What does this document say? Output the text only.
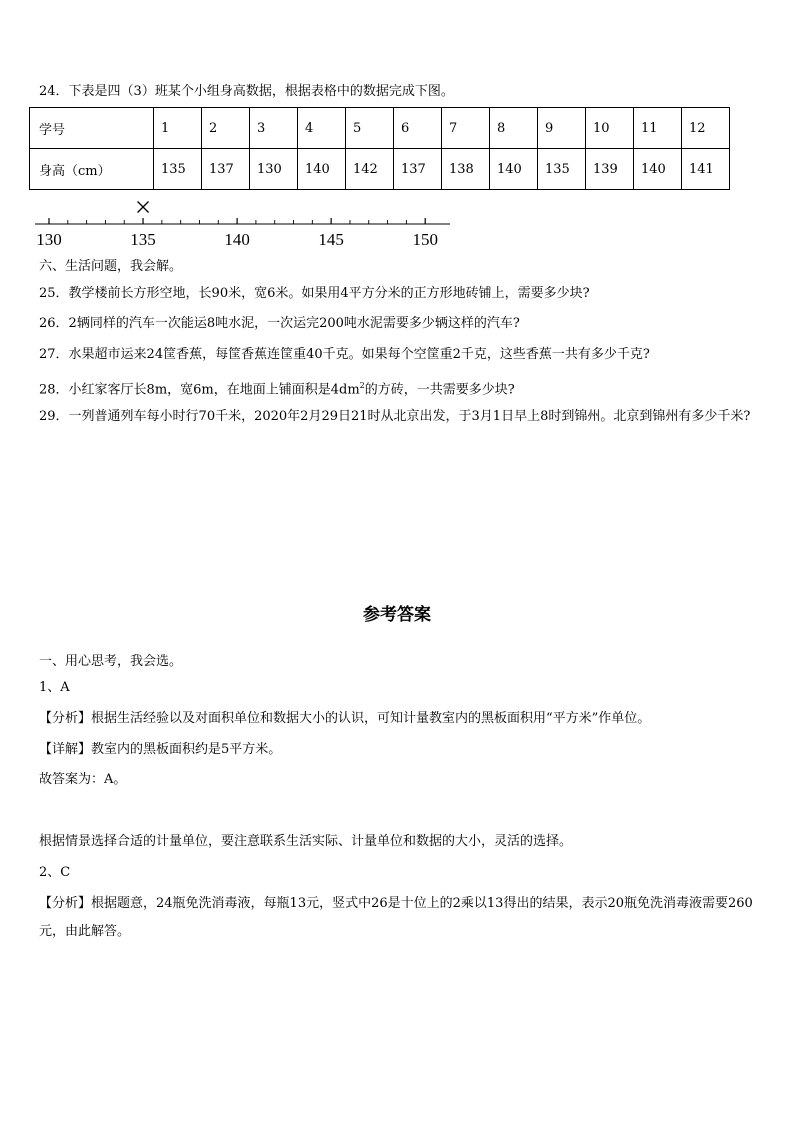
24．下表是四（3）班某个小组身高数据，根据表格中的数据完成下图。
学号	1	2	3	4	5	6	7	8	9	10	11	12
身高（cm）	135	137	130	140	142	137	138	140	135	139	140	141
130	135	140	145	150
六、生活问题，我会解。
25．教学楼前长方形空地，长90米，宽6米。如果用4平方分米的正方形地砖铺上，需要多少块?
26．2辆同样的汽车一次能运8吨水泥，一次运完200吨水泥需要多少辆这样的汽车?
27．水果超市运来24筐香蕉，每筐香蕉连筐重40千克。如果每个空筐重2千克，这些香蕉一共有多少千克?
28．小红家客厅长8m，宽6m，在地面上铺面积是$4dm^2$的方砖，一共需要多少块?
29．一列普通列车每小时行70千米，2020年2月29日21时从北京出发，于3月1日早上8时到锦州。北京到锦州有多少千米?
参考答案
一、用心思考，我会选。
1、A
【分析】根据生活经验以及对面积单位和数据大小的认识，可知计量教室内的黑板面积用“平方米”作单位。
【详解】教室内的黑板面积约是5平方米。
故答案为：A。
根据情景选择合适的计量单位，要注意联系生活实际、计量单位和数据的大小，灵活的选择。
2、C
【分析】根据题意，24瓶免洗消毒液，每瓶13元，竖式中26是十位上的2乘以13得出的结果，表示20瓶免洗消毒液需要260元，由此解答。
